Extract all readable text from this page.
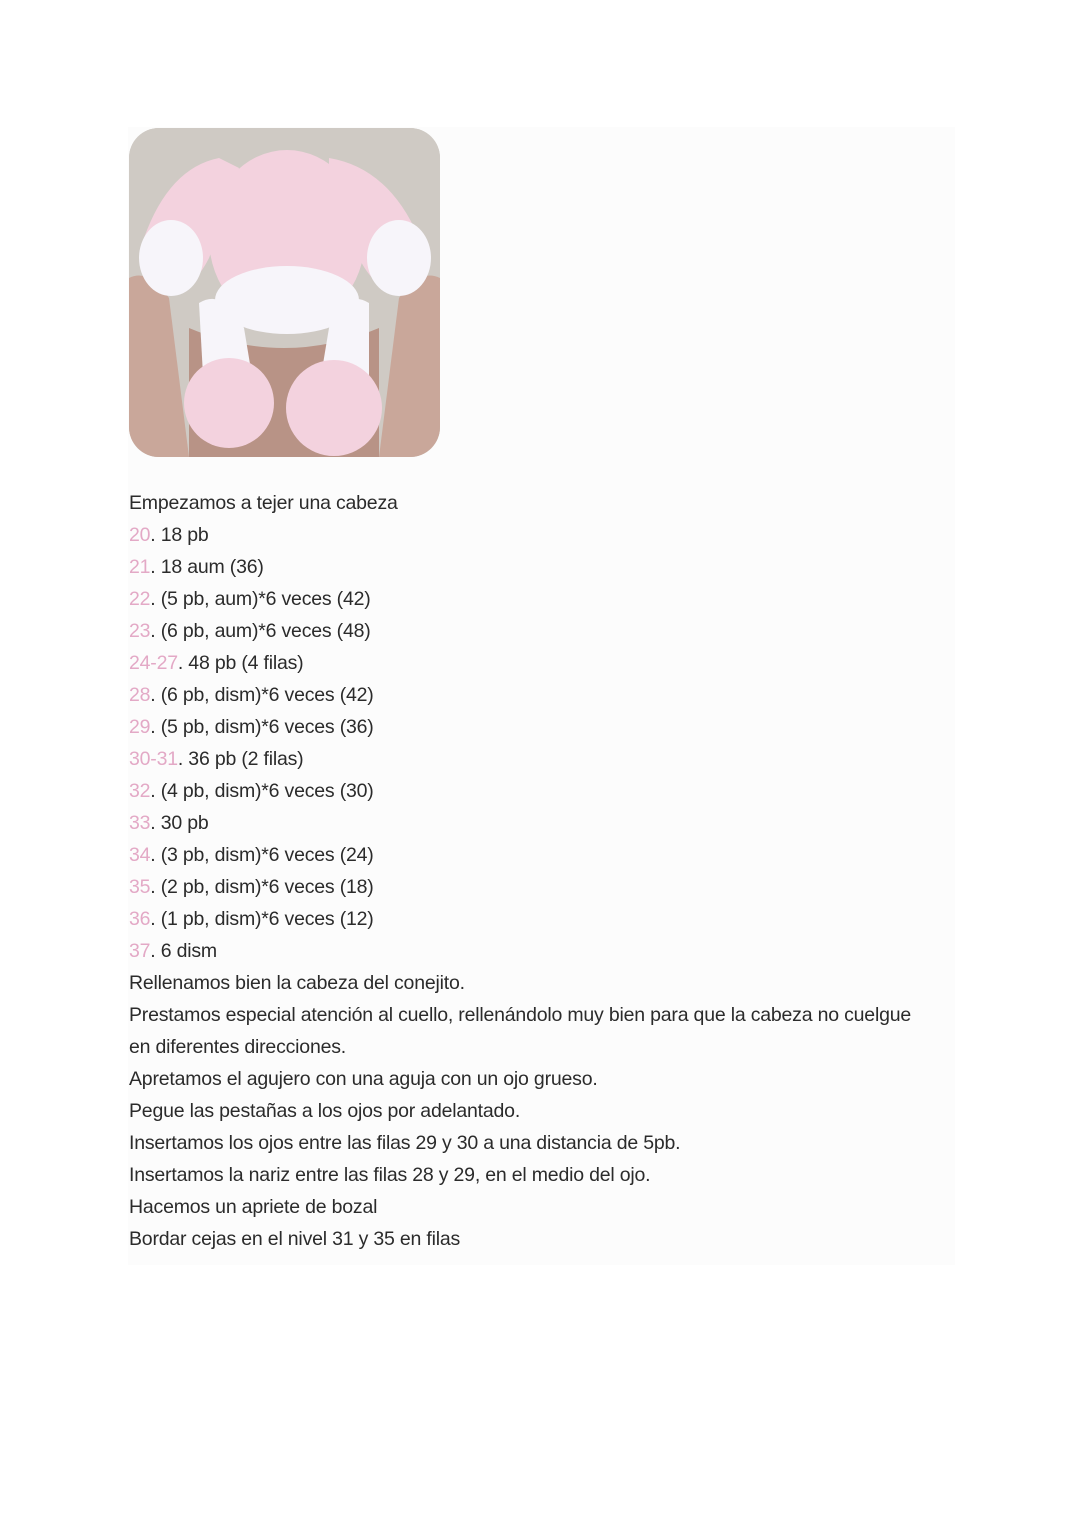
Empezamos a tejer una cabeza
20. 18 pb
21. 18 aum (36)
22. (5 pb, aum)*6 veces (42)
23. (6 pb, aum)*6 veces (48)
24-27. 48 pb (4 filas)
28. (6 pb, dism)*6 veces (42)
29. (5 pb, dism)*6 veces (36)
30-31. 36 pb (2 filas)
32. (4 pb, dism)*6 veces (30)
33. 30 pb
34. (3 pb, dism)*6 veces (24)
35. (2 pb, dism)*6 veces (18)
36. (1 pb, dism)*6 veces (12)
37. 6 dism
Rellenamos bien la cabeza del conejito.
Prestamos especial atención al cuello, rellenándolo muy bien para que la cabeza no cuelgue en diferentes direcciones.
Apretamos el agujero con una aguja con un ojo grueso.
Pegue las pestañas a los ojos por adelantado.
Insertamos los ojos entre las filas 29 y 30 a una distancia de 5pb.
Insertamos la nariz entre las filas 28 y 29, en el medio del ojo.
Hacemos un apriete de bozal
Bordar cejas en el nivel 31 y 35 en filas
